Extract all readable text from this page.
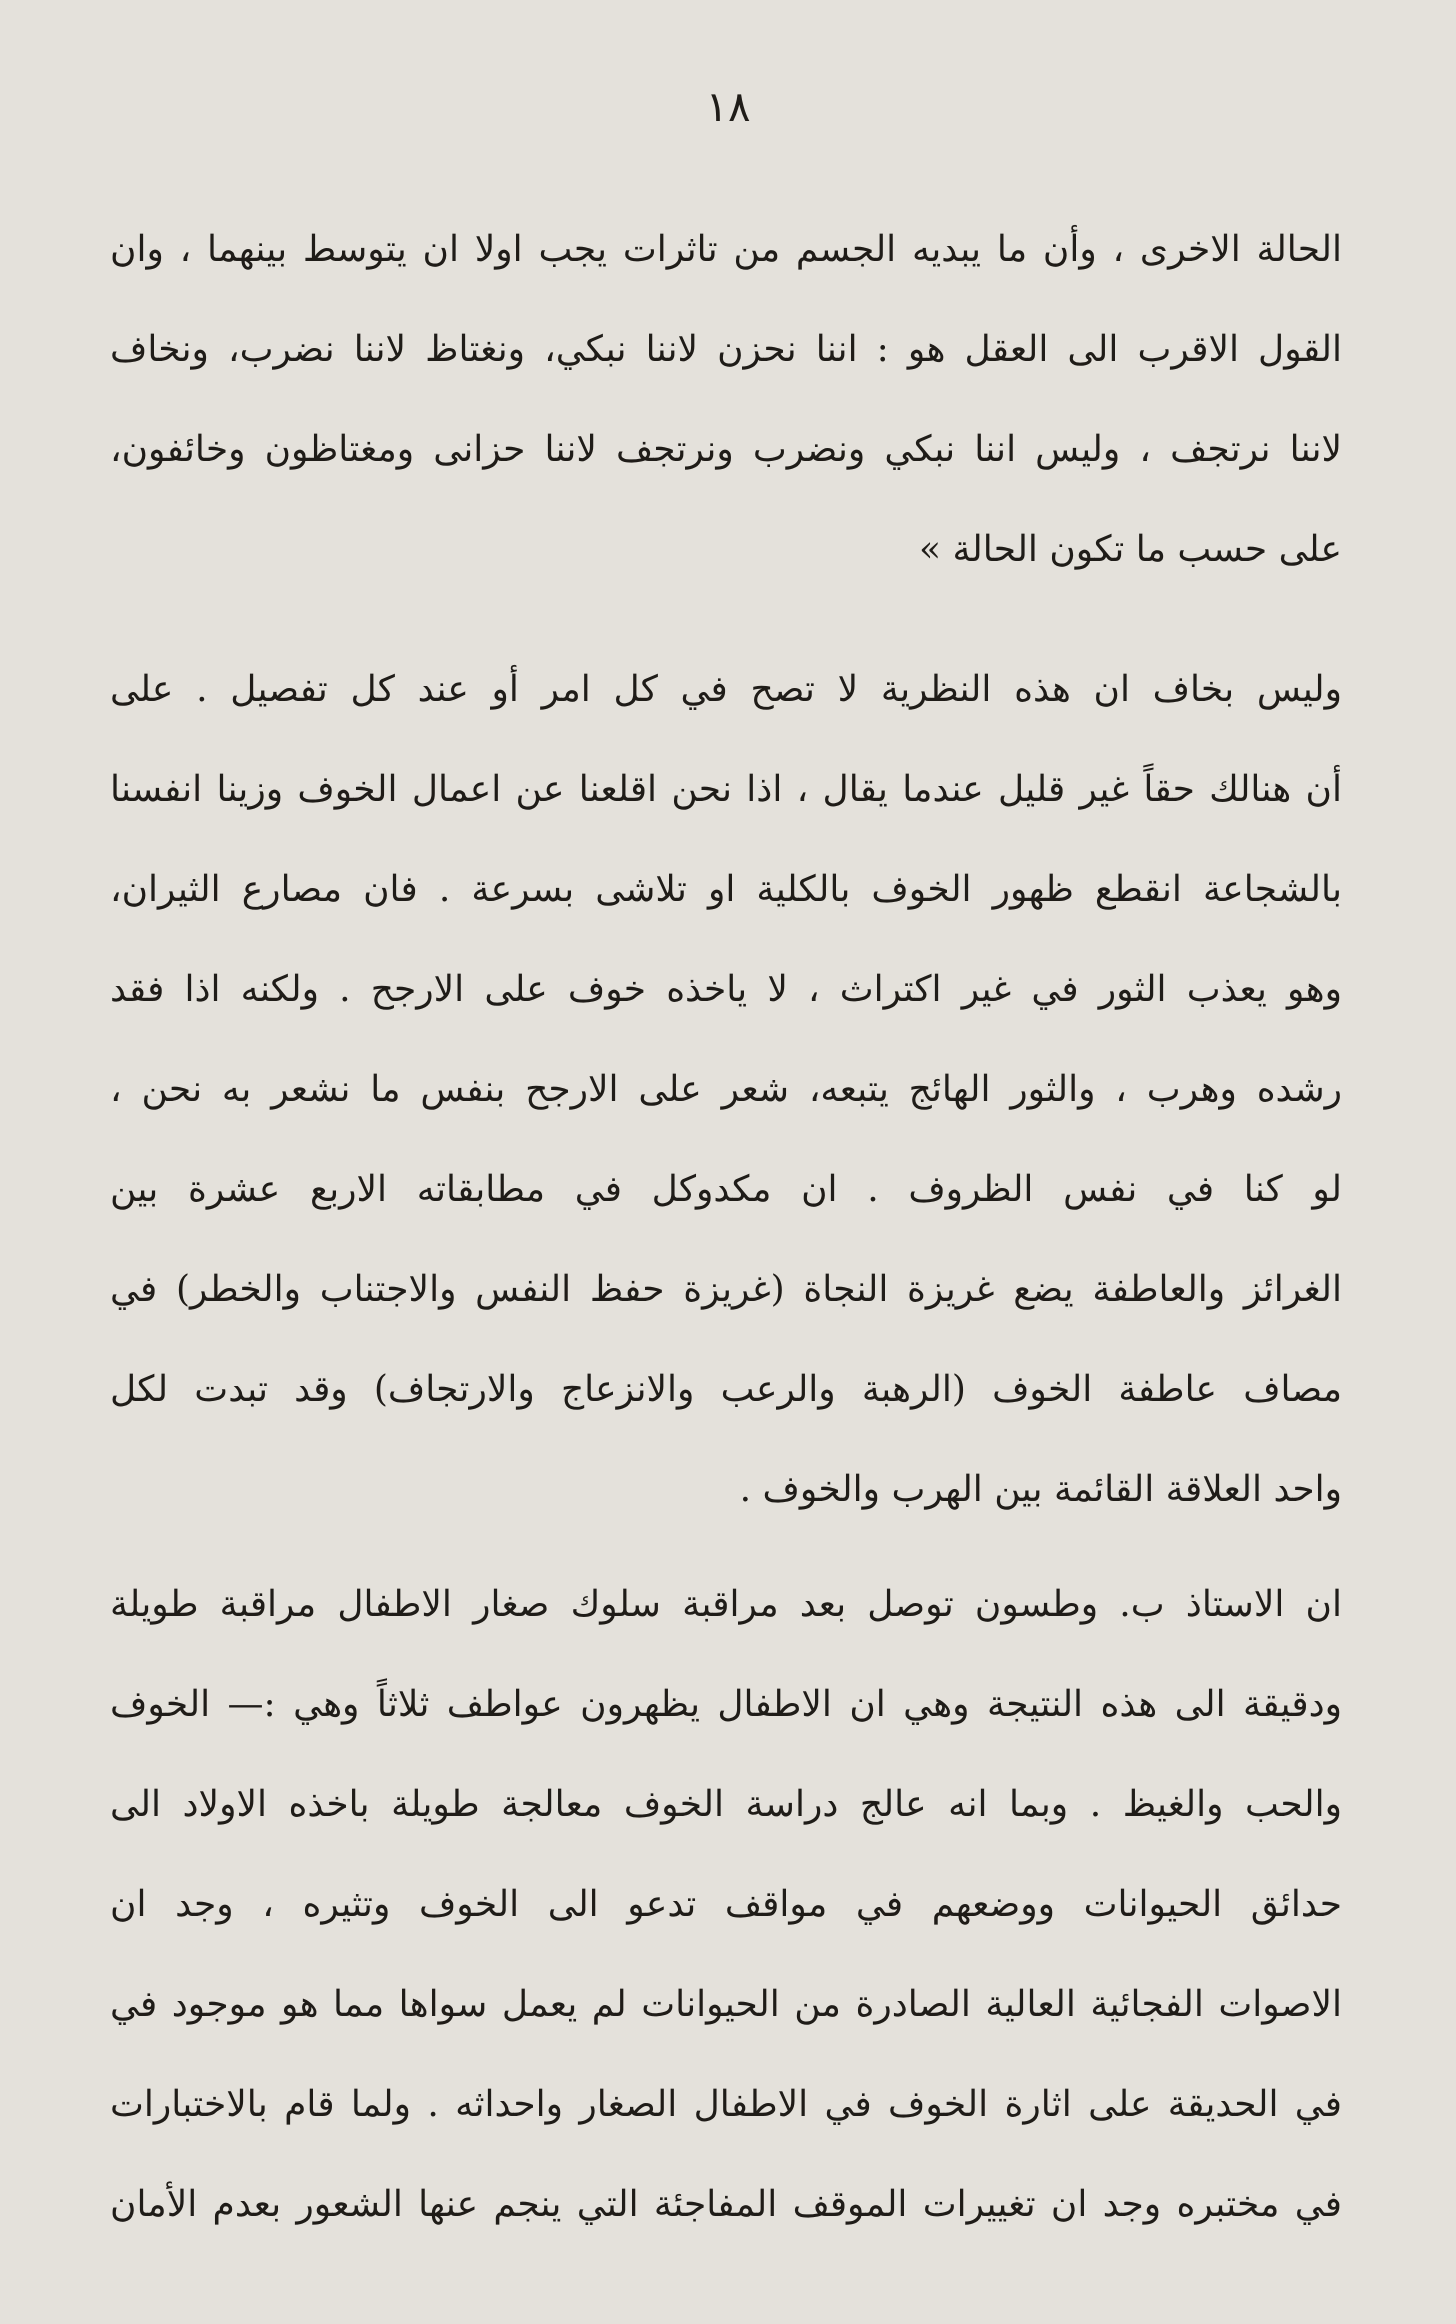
١٨
الحالة الاخرى ، وأن ما يبديه الجسم من تاثرات يجب اولا ان يتوسط بينهما ، وان
القول الاقرب الى العقل هو : اننا نحزن لاننا نبكي، ونغتاظ لاننا نضرب، ونخاف
لاننا نرتجف ، وليس اننا نبكي ونضرب ونرتجف لاننا حزانى ومغتاظون وخائفون،
على حسب ما تكون الحالة »
وليس بخاف ان هذه النظرية لا تصح في كل امر أو عند كل تفصيل . على
أن هنالك حقاً غير قليل عندما يقال ، اذا نحن اقلعنا عن اعمال الخوف وزينا انفسنا
بالشجاعة انقطع ظهور الخوف بالكلية او تلاشى بسرعة . فان مصارع الثيران،
وهو يعذب الثور في غير اكتراث ، لا ياخذه خوف على الارجح . ولكنه اذا فقد
رشده وهرب ، والثور الهائج يتبعه، شعر على الارجح بنفس ما نشعر به نحن ،
لو كنا في نفس الظروف . ان مكدوكل في مطابقاته الاربع عشرة بين
الغرائز والعاطفة يضع غريزة النجاة (غريزة حفظ النفس والاجتناب والخطر) في
مصاف عاطفة الخوف (الرهبة والرعب والانزعاج والارتجاف) وقد تبدت لكل
واحد العلاقة القائمة بين الهرب والخوف .
ان الاستاذ ب. وطسون توصل بعد مراقبة سلوك صغار الاطفال مراقبة طويلة
ودقيقة الى هذه النتيجة وهي ان الاطفال يظهرون عواطف ثلاثاً وهي :— الخوف
والحب والغيظ . وبما انه عالج دراسة الخوف معالجة طويلة باخذه الاولاد الى
حدائق الحيوانات ووضعهم في مواقف تدعو الى الخوف وتثيره ، وجد ان
الاصوات الفجائية العالية الصادرة من الحيوانات لم يعمل سواها مما هو موجود في
في الحديقة على اثارة الخوف في الاطفال الصغار واحداثه . ولما قام بالاختبارات
في مختبره وجد ان تغييرات الموقف المفاجئة التي ينجم عنها الشعور بعدم الأمان
